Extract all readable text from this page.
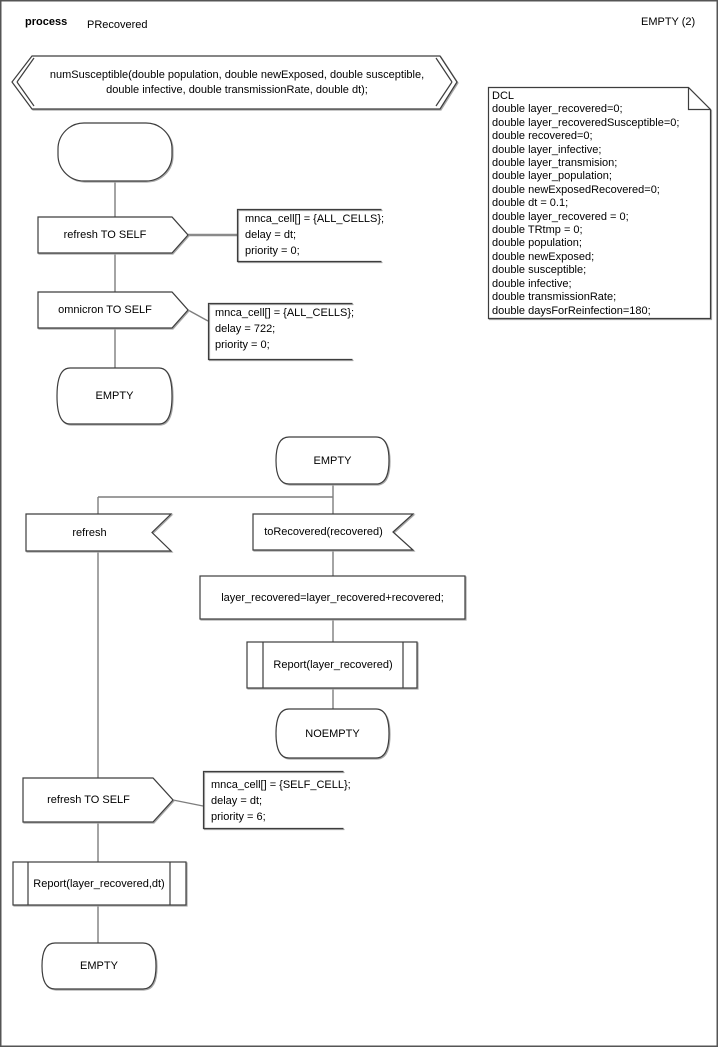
process PRecovered	EMPTY (2)
numSusceptible(double population, double newExposed, double susceptible,
double infective, double transmissionRate, double dt);	DCL
double layer_recovered=0;
double layer_recoveredSusceptible=0;
double recovered=0;
double layer_infective;
double layer_transmision;
double layer_population;
double newExposedRecovered=0;
double dt = 0.1;
double layer_recovered = 0;
double TRtmp = 0;
double population;
double newExposed;
double susceptible;
double infective;
double transmissionRate;
double daysForReinfection=180;
refresh TO SELF
mnca_cell[] = {ALL_CELLS};
delay = dt;
priority = 0;
omnicron TO SELF	mnca_cell[] = {ALL_CELLS};
delay = 722;
priority = 0;
EMPTY
EMPTY
refresh	toRecovered(recovered)
layer_recovered=layer_recovered+recovered;
Report(layer_recovered)
NOEMPTY
refresh TO SELF
mnca_cell[] = {SELF_CELL};
delay = dt;
priority = 6;
Report(layer_recovered,dt)
EMPTY
